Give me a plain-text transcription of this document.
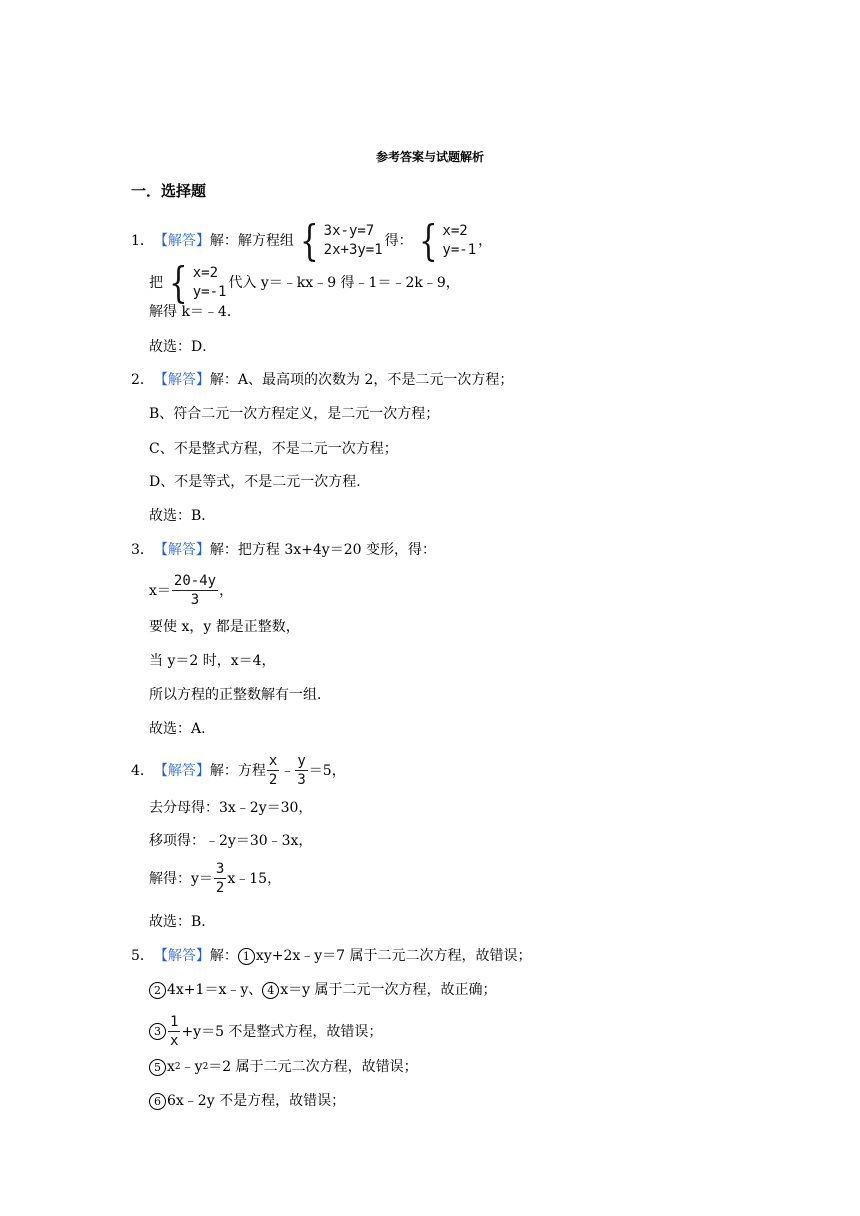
参考答案与试题解析
一．选择题
1． 【解答】 解：解方程组 { 3x-y=7
2x+3y=1
得： { x=2
y=-1
，
把 { x=2
y=-1
代入 y＝﹣kx﹣9 得﹣1＝﹣2k﹣9，
解得 k＝﹣4．
故选：D．
2． 【解答】 解：A、最高项的次数为 2，不是二元一次方程；
B、符合二元一次方程定义，是二元一次方程；
C、不是整式方程，不是二元一次方程；
D、不是等式，不是二元一次方程．
故选：B．
3． 【解答】 解：把方程 3x+4y＝20 变形，得：
$x= \frac{20-4y}{3}$ ，
要使 x，y 都是正整数，
当 y＝2 时，x＝4，
所以方程的正整数解有一组．
故选：A．
4． 【解答】 解：方程 $\frac{x}{2}$ ﹣ $\frac{y}{3} =5$，
去分母得：3x﹣2y＝30，
移项得：﹣2y＝30﹣3x，
解得：$y= \frac{3}{2}$ x﹣15，
故选：B．
5． 【解答】 解： 1 xy+2x﹣y＝7 属于二元二次方程，故错误；
2 4x+1＝x﹣y、 4 x＝y 属于二元一次方程，故正确；
$3 \frac{1}{x} +y=5$ 不是整式方程，故错误；
5 x 2 ﹣y 2 ＝2 属于二元二次方程，故错误；
6 6x﹣2y 不是方程，故错误；
